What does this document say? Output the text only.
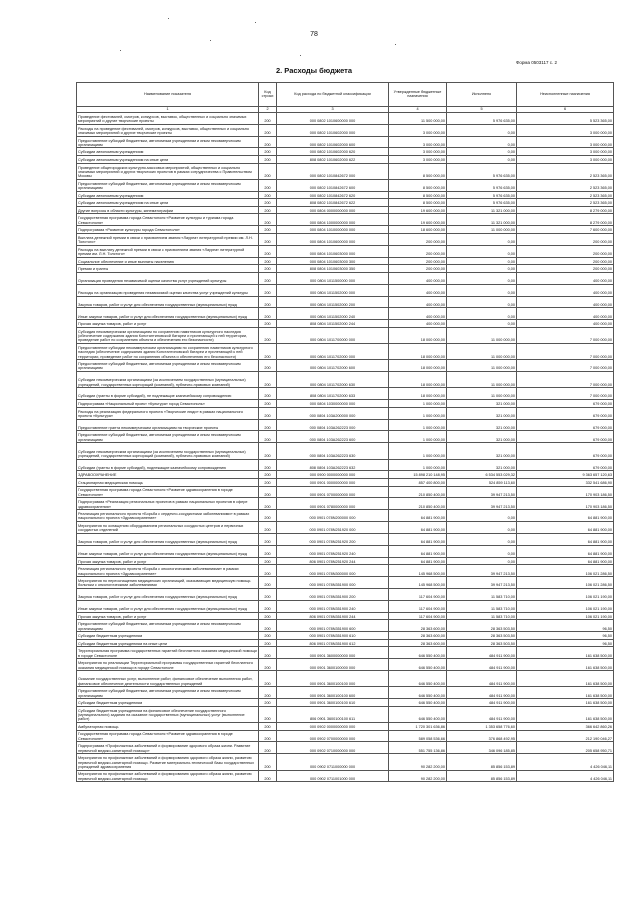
78
Форма 0503117 с. 2
2. Расходы бюджета
Наименование показателя	Код строки	Код расхода по бюджетной классификации	Утвержденные бюджетные назначения	Исполнено	Неисполненные назначения
1	2	3	4	5	6
Проведение фестивалей, смотров, конкурсов, выставок, общественных и социально значимых мероприятий и другие творческие проекты	200	000 0802 1010600000 000	11 500 000,00	5 976 635,00	5 523 365,00
Расходы на проведение фестивалей, смотров, конкурсов, выставок, общественных и социально значимых мероприятий и другие творческие проекты	200	000 0802 1010602000 000	3 000 000,00	0,00	3 000 000,00
Предоставление субсидий бюджетным, автономным учреждениям и иным некоммерческим организациям	200	000 0802 1010602000 600	3 000 000,00	0,00	3 000 000,00
Субсидии автономным учреждениям	200	000 0802 1010602000 620	3 000 000,00	0,00	3 000 000,00
Субсидии автономным учреждениям на иные цели	200	808 0802 1010602000 622	3 000 000,00	0,00	3 000 000,00
Проведение общегородских культурно-массовых мероприятий, общественных и социально значимых мероприятий и других творческих проектов в рамках сотрудничества с Правительством Москвы	200	000 0802 1010842672 000	8 500 000,00	5 976 635,00	2 523 365,00
Предоставление субсидий бюджетным, автономным учреждениям и иным некоммерческим организациям	200	000 0802 1010842672 600	8 500 000,00	5 976 635,00	2 523 365,00
Субсидии автономным учреждениям	200	000 0802 1010842672 620	8 500 000,00	5 976 635,00	2 523 365,00
Субсидии автономным учреждениям на иные цели	200	808 0802 1010842672 622	8 500 000,00	5 976 635,00	2 523 365,00
Другие вопросы в области культуры, кинематографии	200	000 0804 0000000000 000	19 600 000,00	11 321 000,00	8 279 000,00
Государственная программа города Севастополя «Развитие культуры и туризма города Севастополя»	200	000 0804 1000000000 000	19 600 000,00	11 321 000,00	8 279 000,00
Подпрограмма «Развитие культуры города Севастополя»	200	000 0804 1010000000 000	18 600 000,00	11 000 000,00	7 600 000,00
Выплата денежной премии в связи с присвоением звания «Лауреат литературной премии им. Л.Н. Толстого»	200	000 0804 1010600000 000	200 000,00	0,00	200 000,00
Расходы на выплату денежной премии в связи с присвоением звания «Лауреат литературной премии им. Л.Н. Толстого»	200	000 0804 1010603000 000	200 000,00	0,00	200 000,00
Социальное обеспечение и иные выплаты населению	200	000 0804 1010603000 300	200 000,00	0,00	200 000,00
Премии и гранты	200	808 0804 1010603000 350	200 000,00	0,00	200 000,00
Организация проведения независимой оценки качества услуг учреждений культуры	200	000 0804 1011500000 000	400 000,00	0,00	400 000,00
Расходы на организацию проведения независимой оценки качества услуг учреждений культуры	200	000 0804 1011502000 000	400 000,00	0,00	400 000,00
Закупка товаров, работ и услуг для обеспечения государственных (муниципальных) нужд	200	000 0804 1011502000 200	400 000,00	0,00	400 000,00
Иные закупки товаров, работ и услуг для обеспечения государственных (муниципальных) нужд	200	000 0804 1011502000 240	400 000,00	0,00	400 000,00
Прочая закупка товаров, работ и услуг	200	808 0804 1011502000 244	400 000,00	0,00	400 000,00
Субсидия некоммерческим организациям по сохранению памятников культурного наследия (обеспечение содержания здания Константиновской батареи и прилегающей к ней территории, проведение работ по сохранению объекта и обеспечению его безопасности)	200	000 0804 1011700000 000	18 000 000,00	11 000 000,00	7 000 000,00
Предоставление субсидии некоммерческим организациям по сохранению памятников культурного наследия (обеспечение содержания здания Константиновской батареи и прилегающей к ней территории, проведение работ по сохранению объекта и обеспечению его безопасности)	200	000 0804 1011702000 000	18 000 000,00	11 000 000,00	7 000 000,00
Предоставление субсидий бюджетным, автономным учреждениям и иным некоммерческим организациям	200	000 0804 1011702000 600	18 000 000,00	11 000 000,00	7 000 000,00
Субсидии некоммерческим организациям (за исключением государственных (муниципальных) учреждений, государственных корпораций (компаний), публично-правовых компаний)	200	000 0804 1011702000 630	18 000 000,00	11 000 000,00	7 000 000,00
Субсидии (гранты в форме субсидий), не подлежащие казначейскому сопровождению	200	808 0804 1011702000 633	18 000 000,00	11 000 000,00	7 000 000,00
Подпрограмма «Национальный проект «Культура» город Севастополь»	200	000 0804 1030000000 000	1 000 000,00	321 000,00	679 000,00
Расходы на реализацию федерального проекта «Творческие люди» в рамках национального проекта «Культура»	200	000 0804 103A200000 000	1 000 000,00	321 000,00	679 000,00
Предоставление гранта некоммерческим организациям на творческие проекты	200	000 0804 103A262223 000	1 000 000,00	321 000,00	679 000,00
Предоставление субсидий бюджетным, автономным учреждениям и иным некоммерческим организациям	200	000 0804 103A262223 600	1 000 000,00	321 000,00	679 000,00
Субсидии некоммерческим организациям (за исключением государственных (муниципальных) учреждений, государственных корпораций (компаний), публично-правовых компаний)	200	000 0804 103A262223 630	1 000 000,00	321 000,00	679 000,00
Субсидии (гранты в форме субсидий), подлежащие казначейскому сопровождению	200	808 0804 103A262223 632	1 000 000,00	321 000,00	679 000,00
ЗДРАВООХРАНЕНИЕ	200	000 0900 0000000000 000	15 898 210 148,95	6 534 553 029,32	9 363 657 120,63
Стационарная медицинская помощь	200	000 0901 0000000000 000	857 400 800,00	524 859 113,60	332 541 686,90
Государственная программа города Севастополя «Развитие здравоохранения в городе Севастополе»	200	000 0901 0700000000 000	210 850 400,00	39 947 213,50	170 903 186,50
Подпрограмма «Реализация региональных проектов в рамках национальных проектов в сфере здравоохранения»	200	000 0901 0780000000 000	210 850 400,00	39 947 213,50	170 903 186,50
Реализация регионального проекта «Борьба с сердечно-сосудистыми заболеваниями» в рамках национального проекта «Здравоохранение»	200	000 0901 078N200000 000	64 881 900,00	0,00	64 881 900,00
Мероприятия по оснащению оборудованием региональных сосудистых центров и первичных сосудистых отделений	200	000 0901 078N251920 000	64 881 900,00	0,00	64 881 900,00
Закупка товаров, работ и услуг для обеспечения государственных (муниципальных) нужд	200	000 0901 078N251920 200	64 881 900,00	0,00	64 881 900,00
Иные закупки товаров, работ и услуг для обеспечения государственных (муниципальных) нужд	200	000 0901 078N251920 240	64 881 900,00	0,00	64 881 900,00
Прочая закупка товаров, работ и услуг	200	806 0901 078N251920 244	64 881 900,00	0,00	64 881 900,00
Реализация регионального проекта «Борьба с онкологическими заболеваниями» в рамках национального проекта «Здравоохранение»	200	000 0901 078N300000 000	145 968 500,00	39 947 213,50	106 021 286,50
Мероприятия по переоснащению медицинских организаций, оказывающих медицинскую помощь больным с онкологическими заболеваниями	200	000 0901 078N351900 000	145 968 500,00	39 947 213,50	106 021 286,50
Закупка товаров, работ и услуг для обеспечения государственных (муниципальных) нужд	200	000 0901 078N351900 200	117 604 900,00	11 583 710,00	106 021 190,00
Иные закупки товаров, работ и услуг для обеспечения государственных (муниципальных) нужд	200	000 0901 078N351900 240	117 604 900,00	11 583 710,00	106 021 190,00
Прочая закупка товаров, работ и услуг	200	806 0901 078N351900 244	117 604 900,00	11 583 710,00	106 021 190,00
Предоставление субсидий бюджетным, автономным учреждениям и иным некоммерческим организациям	200	000 0901 078N351900 600	28 363 600,00	28 363 503,50	96,50
Субсидии бюджетным учреждениям	200	000 0901 078N351900 610	28 363 600,00	28 363 503,50	96,50
Субсидии бюджетным учреждениям на иные цели	200	806 0901 078N351900 612	28 363 600,00	28 363 503,50	96,50
Территориальная программа государственных гарантий бесплатного оказания медицинской помощи в городе Севастополе	200	000 0901 3600000000 000	646 550 400,00	484 911 900,00	161 638 500,00
Мероприятия по реализации Территориальной программы государственных гарантий бесплатного оказания медицинской помощи в городе Севастополе	200	000 0901 3600100000 000	646 550 400,00	484 911 900,00	161 638 500,00
Оказание государственных услуг, выполнение работ, финансовое обеспечение выполнения работ, финансовое обеспечение деятельности государственных учреждений	200	000 0901 3600100100 000	646 550 400,00	484 911 900,00	161 638 500,00
Предоставление субсидий бюджетным, автономным учреждениям и иным некоммерческим организациям	200	000 0901 3600100100 600	646 550 400,00	484 911 900,00	161 638 500,00
Субсидии бюджетным учреждениям	200	000 0901 3600100100 610	646 550 400,00	484 911 900,00	161 638 500,00
Субсидии бюджетным учреждениям на финансовое обеспечение государственного (муниципального) задания на оказание государственных (муниципальных) услуг (выполнение работ)	200	806 0901 3600100100 611	646 550 400,00	484 911 900,00	161 638 500,00
Амбулаторная помощь	200	000 0902 0000000000 000	1 720 301 636,86	1 353 658 776,60	366 642 860,26
Государственная программа города Севастополя «Развитие здравоохранения в городе Севастополе»	200	000 0902 0700000000 000	589 058 536,66	376 868 492,95	212 190 046,27
Подпрограмма «Профилактика заболеваний и формирование здорового образа жизни. Развитие первичной медико-санитарной помощи»	200	000 0902 0710000000 000	551 755 136,86	346 096 185,85	205 658 950,71
Мероприятия по профилактике заболеваний и формированию здорового образа жизни, развитию первичной медико-санитарной помощи. Развитие материально-технической базы государственных учреждений здравоохранения	200	000 0902 0711000000 000	90 282 200,00	85 856 153,89	4 426 046,11
Мероприятия по профилактике заболеваний и формированию здорового образа жизни, развитию первичной медико-санитарной помощи	200	000 0902 0711001000 000	90 282 200,00	85 856 153,89	4 426 046,11
